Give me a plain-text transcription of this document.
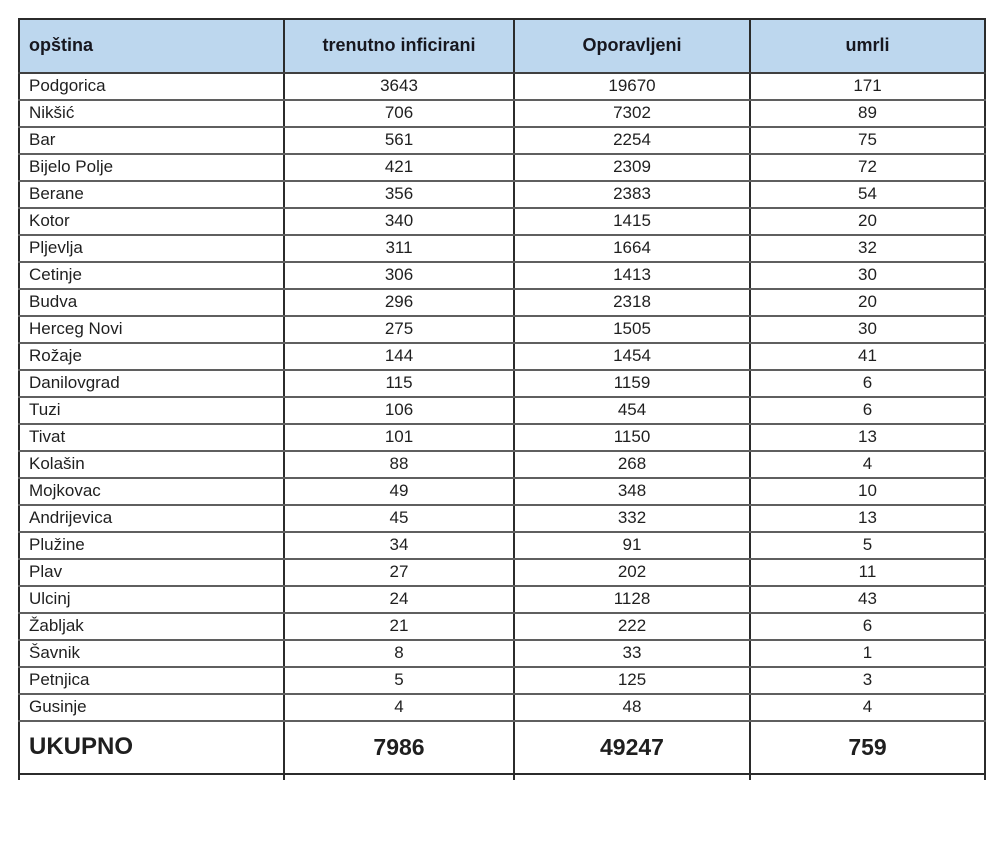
opština	trenutno inficirani	Oporavljeni	umrli
Podgorica	3643	19670	171
Nikšić	706	7302	89
Bar	561	2254	75
Bijelo Polje	421	2309	72
Berane	356	2383	54
Kotor	340	1415	20
Pljevlja	311	1664	32
Cetinje	306	1413	30
Budva	296	2318	20
Herceg Novi	275	1505	30
Rožaje	144	1454	41
Danilovgrad	115	1159	6
Tuzi	106	454	6
Tivat	101	1150	13
Kolašin	88	268	4
Mojkovac	49	348	10
Andrijevica	45	332	13
Plužine	34	91	5
Plav	27	202	11
Ulcinj	24	1128	43
Žabljak	21	222	6
Šavnik	8	33	1
Petnjica	5	125	3
Gusinje	4	48	4
UKUPNO	7986	49247	759
